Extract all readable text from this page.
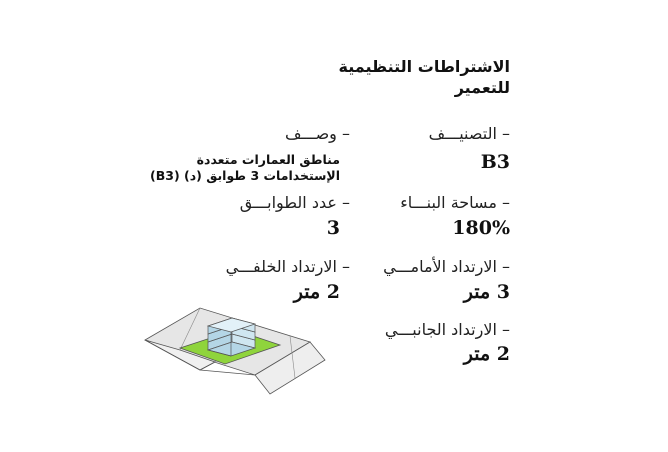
الاشتراطات التنظيمية
للتعمير
– التصنيـــف
B3
– مساحة البنـــاء
180%
– الارتداد الأمامـــي
3 متر
– الارتداد الجانبـــي
2 متر
– وصـــف
مناطق العمارات متعددة
الإستخدامات 3 طوابق (د) (B3)
– عدد الطوابـــق
3
– الارتداد الخلفـــي
2 متر
